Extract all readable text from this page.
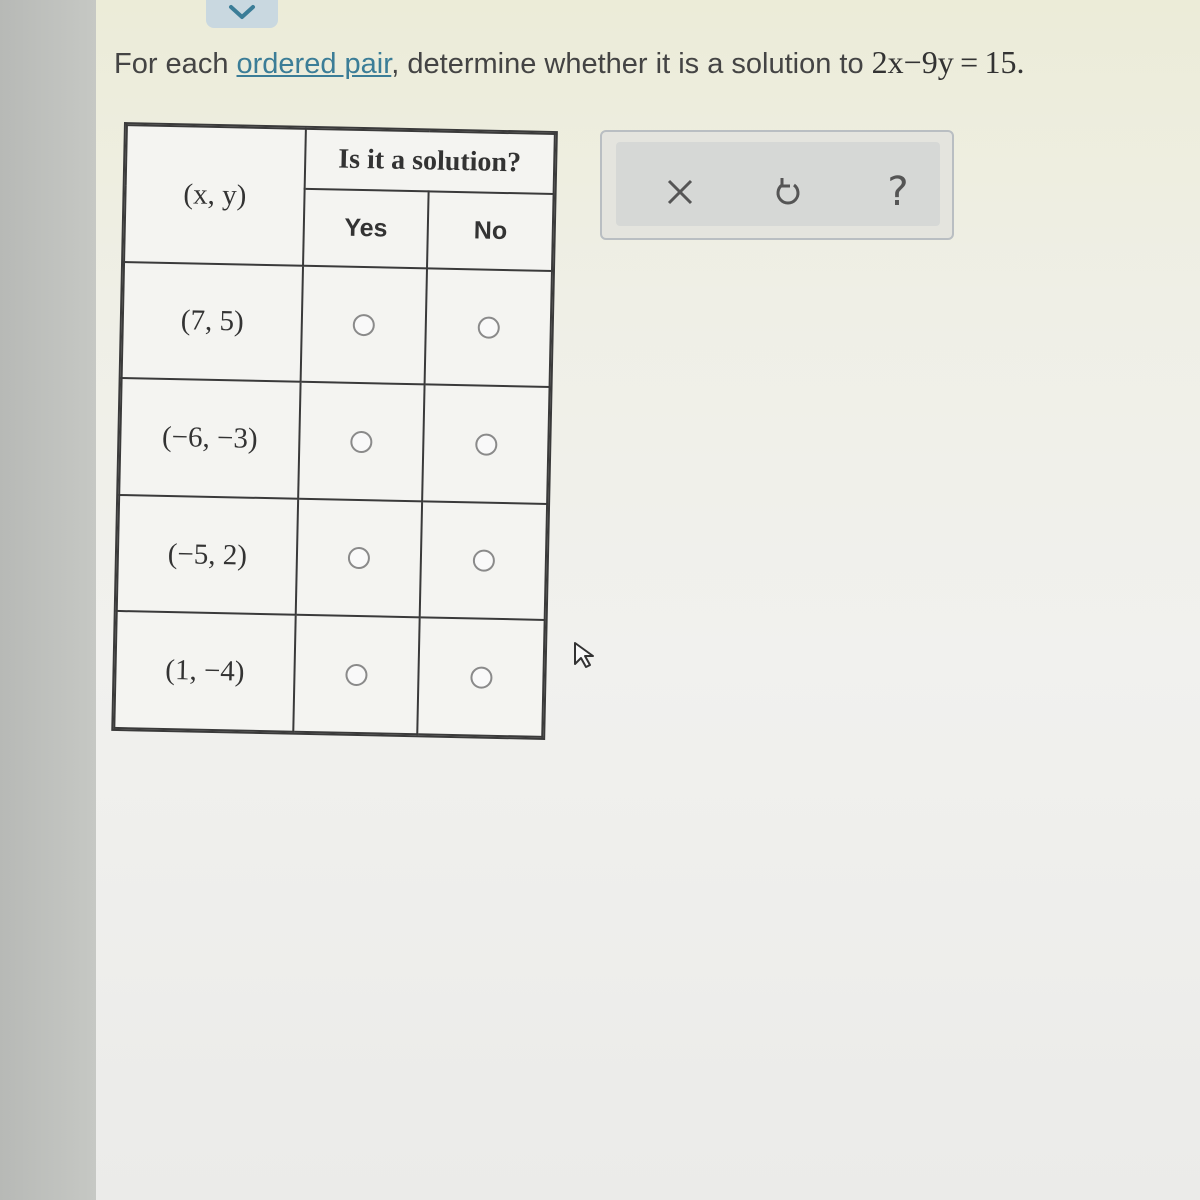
For each ordered pair, determine whether it is a solution to 2x−9y = 15.
(x, y)	Is it a solution?	
	Yes	No
(7, 5)		
(−6, −3)		
(−5, 2)		
(1, −4)		
?
